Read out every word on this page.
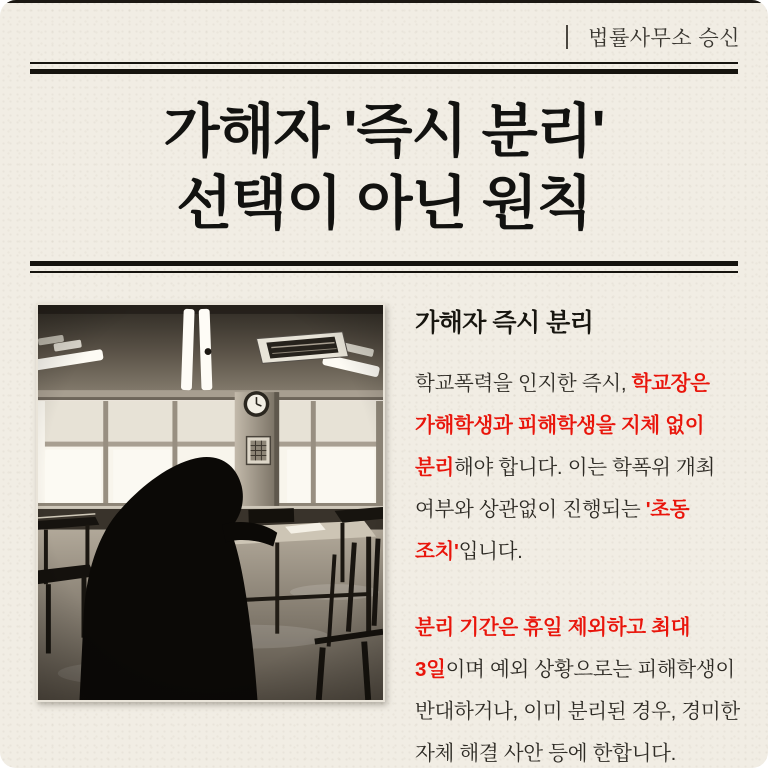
법률사무소 승신
가해자 '즉시 분리'
선택이 아닌 원칙
가해자 즉시 분리

학교폭력을 인지한 즉시, 학교장은 가해학생과 피해학생을 지체 없이 분리해야 합니다. 이는 학폭위 개최 여부와 상관없이 진행되는 '초동 조치'입니다.

분리 기간은 휴일 제외하고 최대 3일이며 예외 상황으로는 피해학생이 반대하거나, 이미 분리된 경우, 경미한 자체 해결 사안 등에 한합니다.
